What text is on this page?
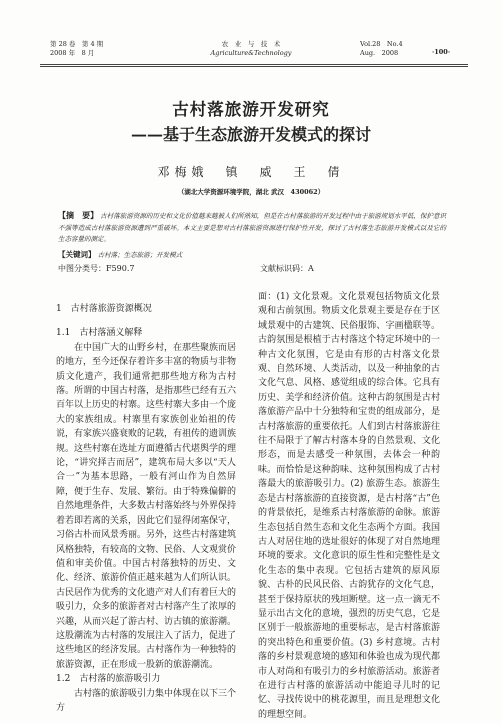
第 28 卷　第 4 期
2008 年　8 月
农　业　与　技　术
Agriculture&Technology
Vol.28　No.4
Aug.　2008	·100·
古村落旅游开发研究
——基于生态旅游开发模式的探讨
邓梅娥　镇　威　王　倩
（湖北大学资源环境学院，湖北 武汉　430062）
【摘　要】 古村落旅游资源的历史和文化价值越来越被人们所熟知，但是在古村落旅游的开发过程中由于旅游规划水平低，保护意识不强等造成古村落旅游资源遭到严重破坏。本文主要是想对古村落旅游资源进行保护性开发，探讨了古村落生态旅游开发模式以及它的生态容量的测定。
【关键词】 古村落；生态旅游；开发模式
中图分类号：F590.7	文献标识码：A

1　古村落旅游资源概况

1.1　古村落涵义解释

在中国广大的山野乡村，在那些聚族而居的地方，至今还保存着许多丰富的物质与非物质文化遗产，我们通常把那些地方称为古村落。所谓的中国古村落，是指那些已经有五六百年以上历史的村寨。这些村寨大多由一个庞大的家族组成。村寨里有家族创业始祖的传说，有家族兴盛衰败的记载，有祖传的遗训族规。这些村寨在选址方面遵循古代堪舆学的理论，“讲究择吉而居”，建筑布局大多以“天人合一”为基本思路，一般有河山作为自然屏障，便于生存、发展、繁衍。由于特殊偏僻的自然地理条件，大多数古村落始终与外界保持着若即若离的关系，因此它们显得闭塞保守，习俗古朴而风景秀丽。另外，这些古村落建筑风格独特，有较高的文物、民俗、人文观赏价值和审美价值。中国古村落独特的历史、文化、经济、旅游价值正越来越为人们所认识。古民居作为优秀的文化遗产对人们有着巨大的吸引力，众多的旅游者对古村落产生了浓厚的兴趣，从而兴起了游古村、访古镇的旅游潮。这股潮流为古村落的发展注入了活力，促进了这些地区的经济发展。古村落作为一种独特的旅游资源，正在形成一股新的旅游潮流。

1.2　古村落的旅游吸引力

古村落的旅游吸引力集中体现在以下三个方

面：(1) 文化景观。文化景观包括物质文化景观和古前氛围。物质文化景观主要是存在于区域景观中的古建筑、民俗服饰、字画楹联等。古韵氛围是根植于古村落这个特定环境中的一种古文化氛围，它是由有形的古村落文化景观、自然环境、人类活动，以及一种抽象的古文化气息、风格、感觉组成的综合体。它具有历史、美学和经济价值。这种古韵氛围是古村落旅游产品中十分独特和宝贵的组成部分，是古村落旅游的重要依托。人们到古村落旅游往往不局限于了解古村落本身的自然景观、文化形态，而是去感受一种氛围，去体会一种韵味。而恰恰是这种韵味、这种氛围构成了古村落最大的旅游吸引力。(2) 旅游生态。旅游生态是古村落旅游的直接资源，是古村落“古”色的背景依托，是维系古村落旅游的命脉。旅游生态包括自然生态和文化生态两个方面。我国古人对居住地的选址很好的体现了对自然地理环境的要求。文化意识的原生性和完整性是文化生态的集中表现。它包括古建筑的原风原貌、古朴的民风民俗、古韵犹存的文化气息，甚至于保持原状的残垣断壁。这一点一滴无不显示出古文化的意境，强烈的历史气息，它是区别于一般旅游地的重要标志，是古村落旅游的突出特色和重要价值。(3) 乡村意境。古村落的乡村景观意境的感知和体验也成为现代都市人对尚和有吸引力的乡村旅游活动。旅游者在进行古村落的旅游活动中能追寻儿时的记忆、寻找传说中的桃花源里，而且是理想文化的理想空间。
